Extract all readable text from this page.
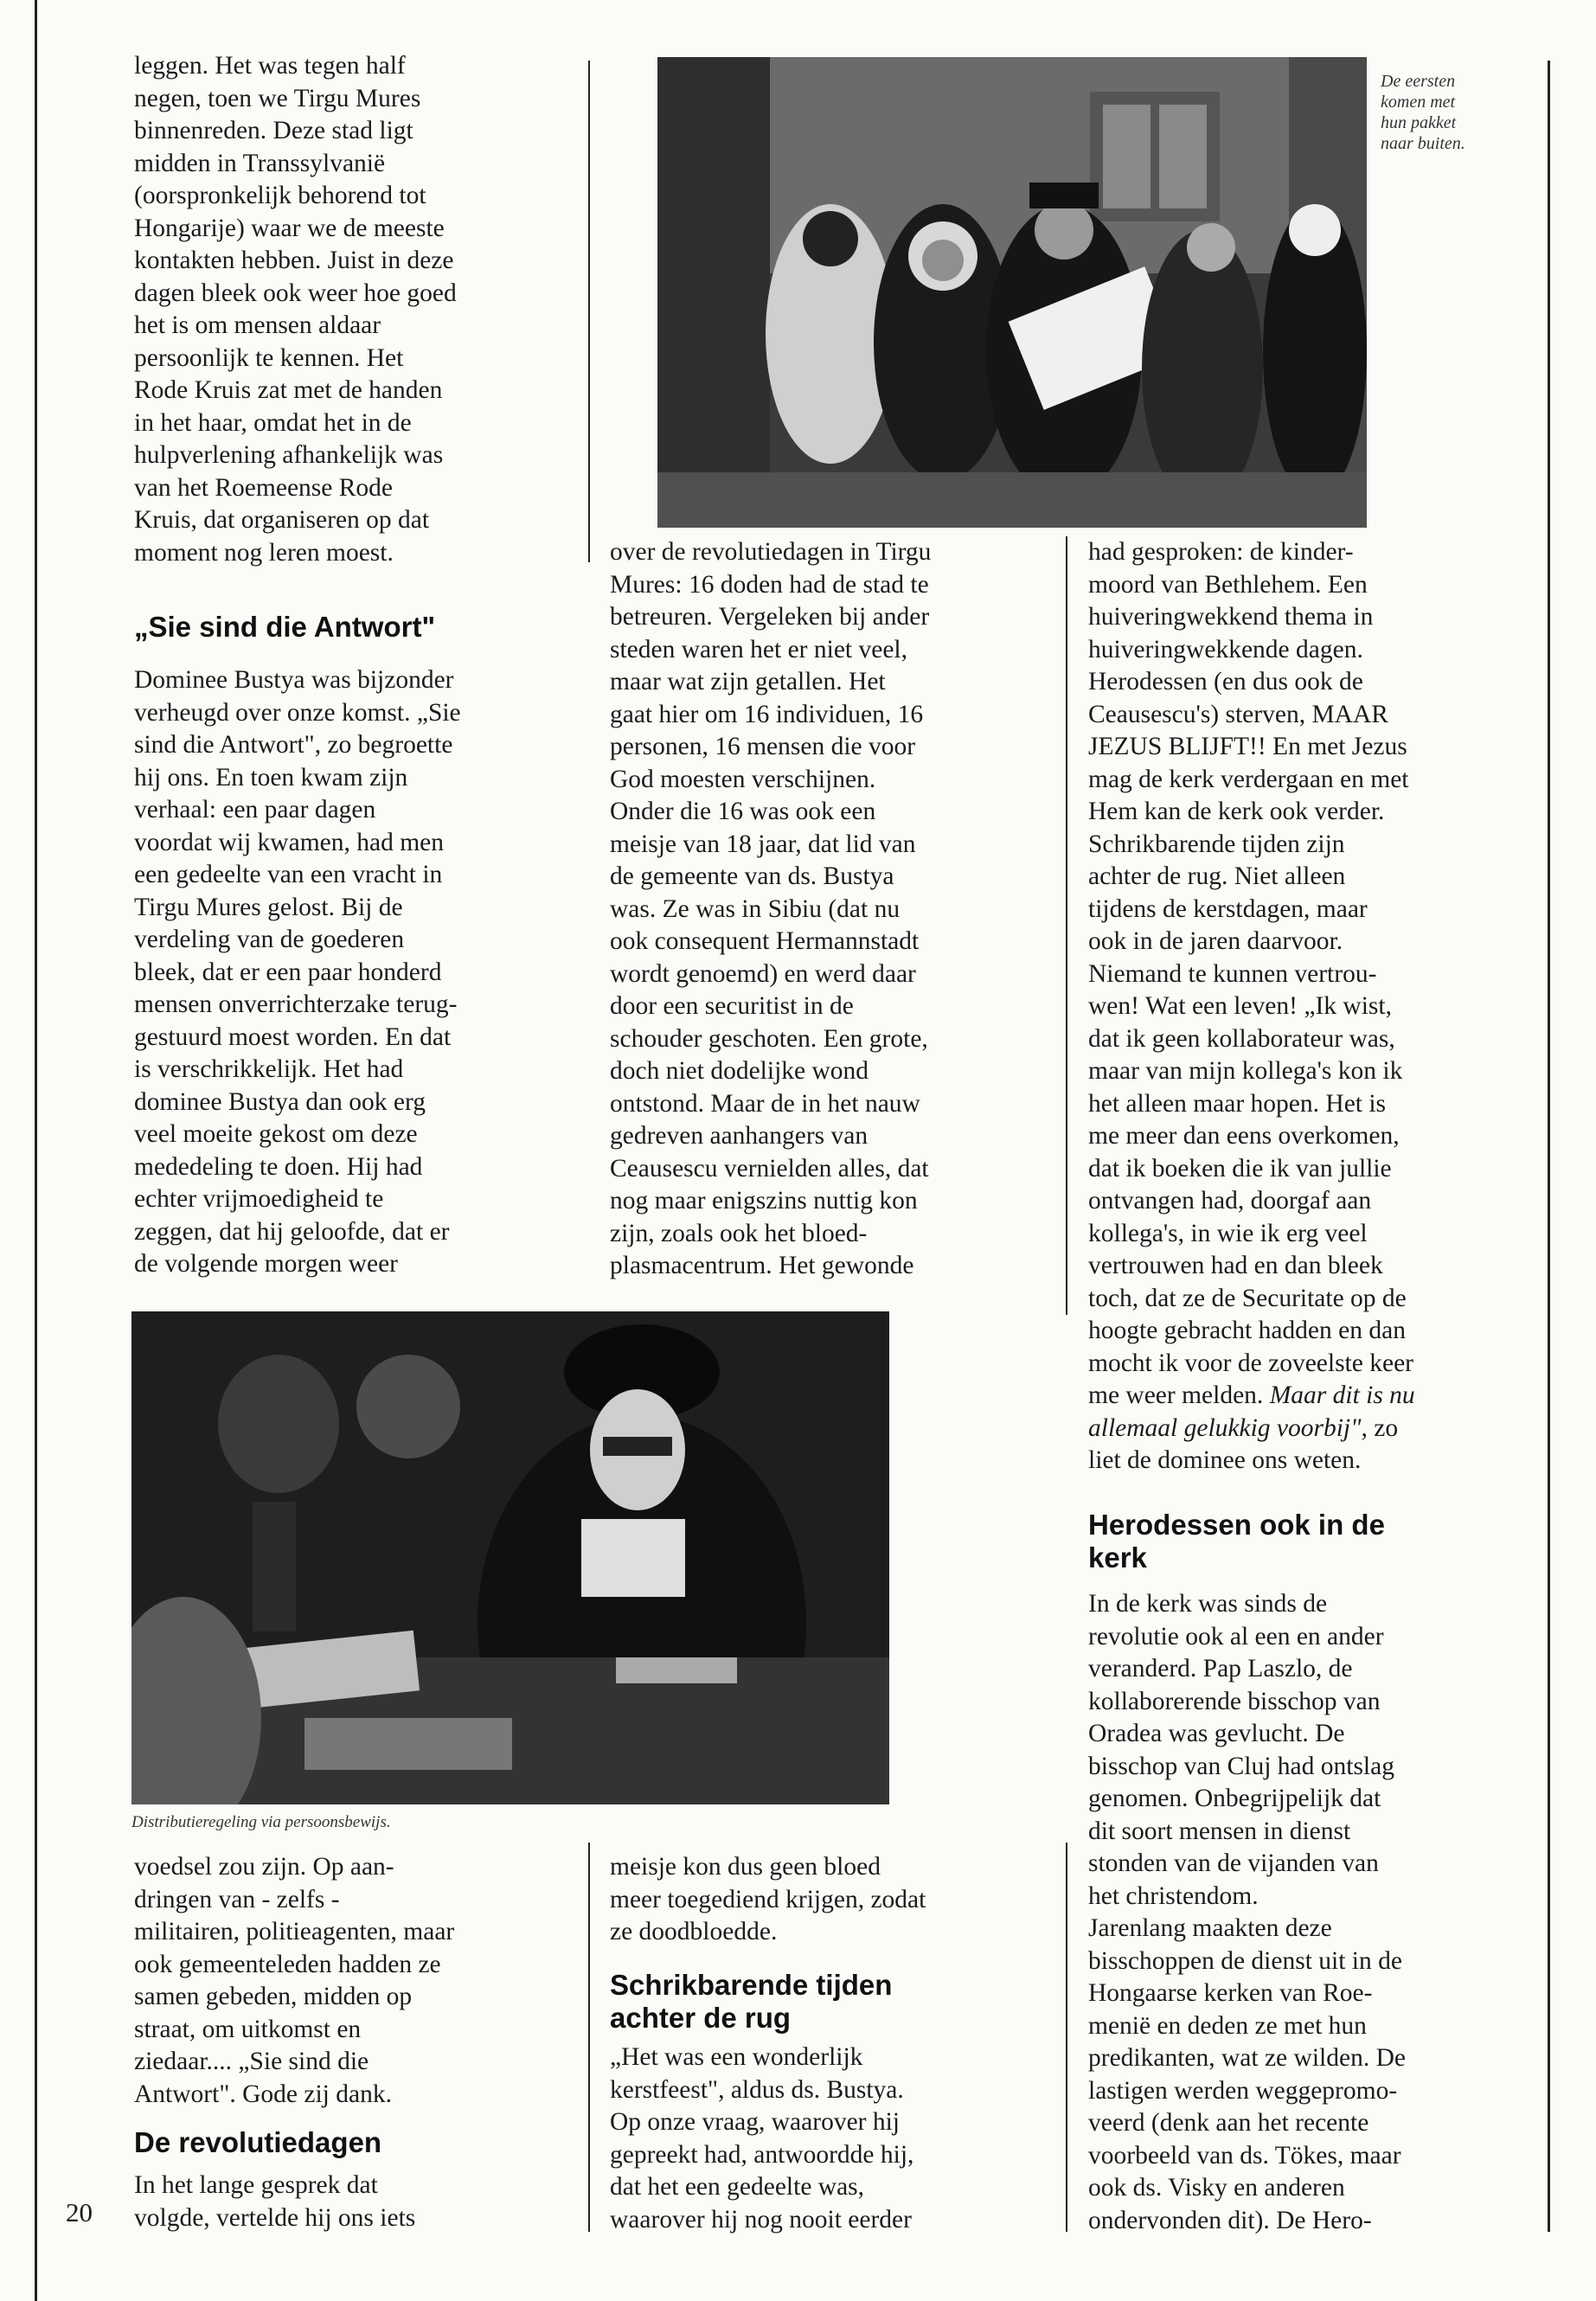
De eersten
komen met
hun pakket
naar buiten.
Distributieregeling via persoonsbewijs.

leggen. Het was tegen half

negen, toen we Tirgu Mures

binnenreden. Deze stad ligt

midden in Transsylvanië

(oorspronkelijk behorend tot

Hongarije) waar we de meeste

kontakten hebben. Juist in deze

dagen bleek ook weer hoe goed

het is om mensen aldaar

persoonlijk te kennen. Het

Rode Kruis zat met de handen

in het haar, omdat het in de

hulpverlening afhankelijk was

van het Roemeense Rode

Kruis, dat organiseren op dat

moment nog leren moest.

„Sie sind die Antwort"

Dominee Bustya was bijzonder

verheugd over onze komst. „Sie

sind die Antwort", zo begroette

hij ons. En toen kwam zijn

verhaal: een paar dagen

voordat wij kwamen, had men

een gedeelte van een vracht in

Tirgu Mures gelost. Bij de

verdeling van de goederen

bleek, dat er een paar honderd

mensen onverrichterzake terug-

gestuurd moest worden. En dat

is verschrikkelijk. Het had

dominee Bustya dan ook erg

veel moeite gekost om deze

mededeling te doen. Hij had

echter vrijmoedigheid te

zeggen, dat hij geloofde, dat er

de volgende morgen weer

voedsel zou zijn. Op aan-

dringen van - zelfs -

militairen, politieagenten, maar

ook gemeenteleden hadden ze

samen gebeden, midden op

straat, om uitkomst en

ziedaar.... „Sie sind die

Antwort". Gode zij dank.

De revolutiedagen

In het lange gesprek dat

volgde, vertelde hij ons iets

20

over de revolutiedagen in Tirgu

Mures: 16 doden had de stad te

betreuren. Vergeleken bij ander

steden waren het er niet veel,

maar wat zijn getallen. Het

gaat hier om 16 individuen, 16

personen, 16 mensen die voor

God moesten verschijnen.

Onder die 16 was ook een

meisje van 18 jaar, dat lid van

de gemeente van ds. Bustya

was. Ze was in Sibiu (dat nu

ook consequent Hermannstadt

wordt genoemd) en werd daar

door een securitist in de

schouder geschoten. Een grote,

doch niet dodelijke wond

ontstond. Maar de in het nauw

gedreven aanhangers van

Ceausescu vernielden alles, dat

nog maar enigszins nuttig kon

zijn, zoals ook het bloed-

plasmacentrum. Het gewonde

meisje kon dus geen bloed

meer toegediend krijgen, zodat

ze doodbloedde.

Schrikbarende tijden
achter de rug

„Het was een wonderlijk

kerstfeest", aldus ds. Bustya.

Op onze vraag, waarover hij

gepreekt had, antwoordde hij,

dat het een gedeelte was,

waarover hij nog nooit eerder

had gesproken: de kinder-

moord van Bethlehem. Een

huiveringwekkend thema in

huiveringwekkende dagen.

Herodessen (en dus ook de

Ceausescu's) sterven, MAAR

JEZUS BLIJFT!! En met Jezus

mag de kerk verdergaan en met

Hem kan de kerk ook verder.

Schrikbarende tijden zijn

achter de rug. Niet alleen

tijdens de kerstdagen, maar

ook in de jaren daarvoor.

Niemand te kunnen vertrou-

wen! Wat een leven! „Ik wist,

dat ik geen kollaborateur was,

maar van mijn kollega's kon ik

het alleen maar hopen. Het is

me meer dan eens overkomen,

dat ik boeken die ik van jullie

ontvangen had, doorgaf aan

kollega's, in wie ik erg veel

vertrouwen had en dan bleek

toch, dat ze de Securitate op de

hoogte gebracht hadden en dan

mocht ik voor de zoveelste keer

me weer melden. Maar dit is nu

allemaal gelukkig voorbij", zo

liet de dominee ons weten.

Herodessen ook in de
kerk

In de kerk was sinds de

revolutie ook al een en ander

veranderd. Pap Laszlo, de

kollaborerende bisschop van

Oradea was gevlucht. De

bisschop van Cluj had ontslag

genomen. Onbegrijpelijk dat

dit soort mensen in dienst

stonden van de vijanden van

het christendom.

Jarenlang maakten deze

bisschoppen de dienst uit in de

Hongaarse kerken van Roe-

menië en deden ze met hun

predikanten, wat ze wilden. De

lastigen werden weggepromo-

veerd (denk aan het recente

voorbeeld van ds. Tökes, maar

ook ds. Visky en anderen

ondervonden dit). De Hero-
